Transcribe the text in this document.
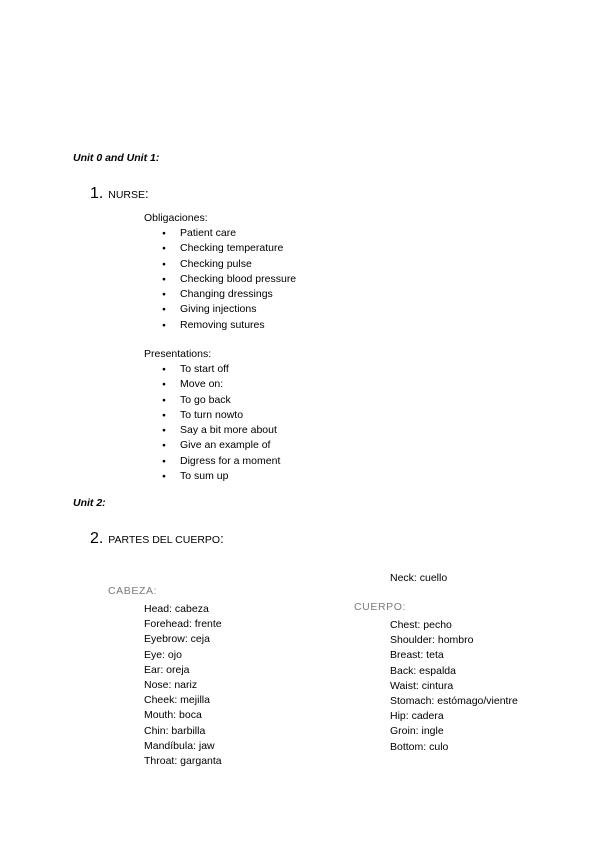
Unit 0 and Unit 1:
1. NURSE:
Obligaciones:
● Patient care
● Checking temperature
● Checking pulse
● Checking blood pressure
● Changing dressings
● Giving injections
● Removing sutures
Presentations:
● To start off
● Move on:
● To go back
● To turn nowto
● Say a bit more about
● Give an example of
● Digress for a moment
● To sum up
Unit 2:
2. PARTES DEL CUERPO:
Neck: cuello
CABEZA:
Head: cabeza
Forehead: frente
Eyebrow: ceja
Eye: ojo
Ear: oreja
Nose: nariz
Cheek: mejilla
Mouth: boca
Chin: barbilla
Mandíbula: jaw
Throat: garganta
CUERPO:
Chest: pecho
Shoulder: hombro
Breast: teta
Back: espalda
Waist: cintura
Stomach: estómago/vientre
Hip: cadera
Groin: ingle
Bottom: culo
